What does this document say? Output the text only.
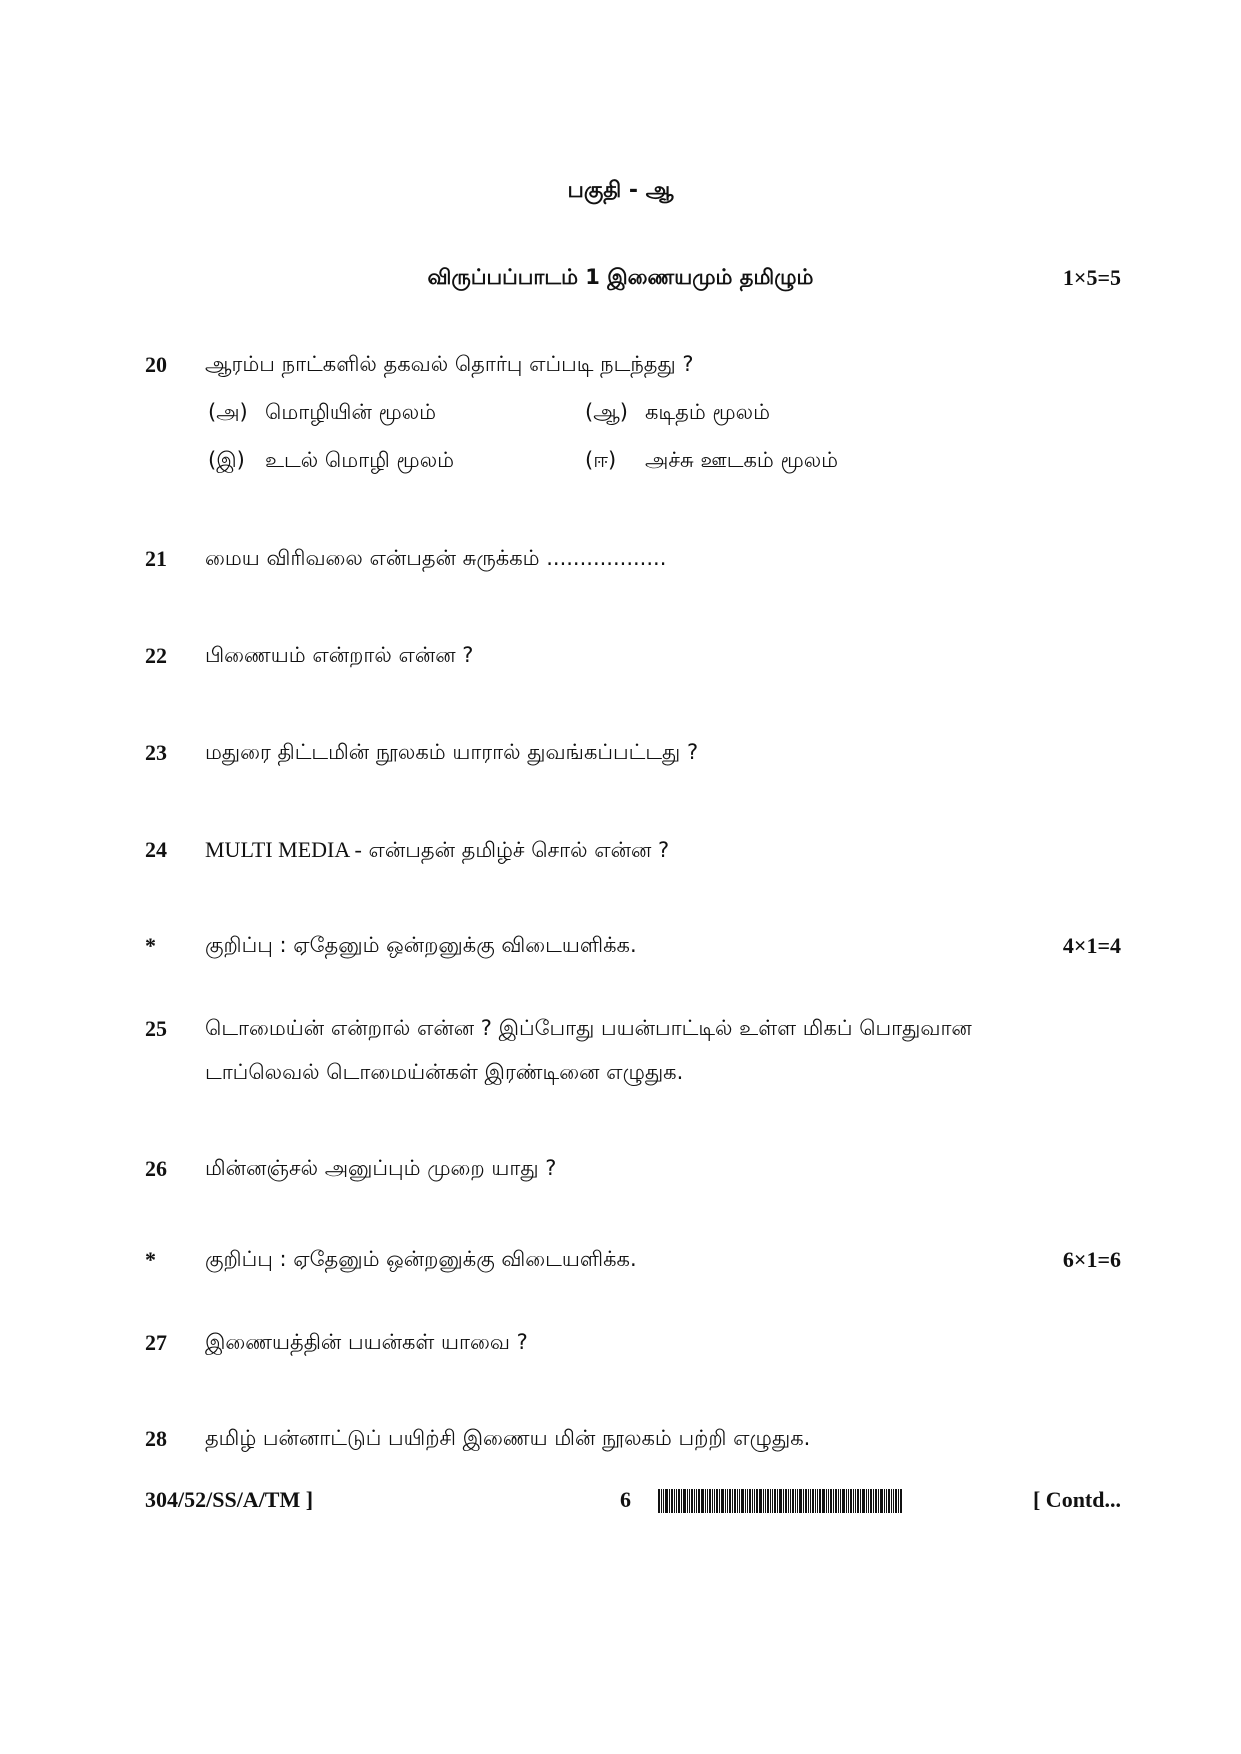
பகுதி - ஆ
விருப்பப்பாடம் 1 இணையமும் தமிழும்	1×5=5
20 ஆரம்ப நாட்களில் தகவல் தொர்பு எப்படி நடந்தது ?
(அ) மொழியின் மூலம்	(ஆ) கடிதம் மூலம்
(இ) உடல் மொழி மூலம்	(ஈ) அச்சு ஊடகம் மூலம்
21 மைய விரிவலை என்பதன் சுருக்கம் ..................
22 பிணையம் என்றால் என்ன ?
23 மதுரை திட்டமின் நூலகம் யாரால் துவங்கப்பட்டது ?
24 MULTI MEDIA - என்பதன் தமிழ்ச் சொல் என்ன ?
* குறிப்பு : ஏதேனும் ஒன்றனுக்கு விடையளிக்க.	4×1=4
25 டொமைய்ன் என்றால் என்ன ? இப்போது பயன்பாட்டில் உள்ள மிகப் பொதுவான
டாப்லெவல் டொமைய்ன்கள் இரண்டினை எழுதுக.
26 மின்னஞ்சல் அனுப்பும் முறை யாது ?
* குறிப்பு : ஏதேனும் ஒன்றனுக்கு விடையளிக்க.	6×1=6
27 இணையத்தின் பயன்கள் யாவை ?
28 தமிழ் பன்னாட்டுப் பயிற்சி இணைய மின் நூலகம் பற்றி எழுதுக.
304/52/SS/A/TM ]	6	[ Contd...
